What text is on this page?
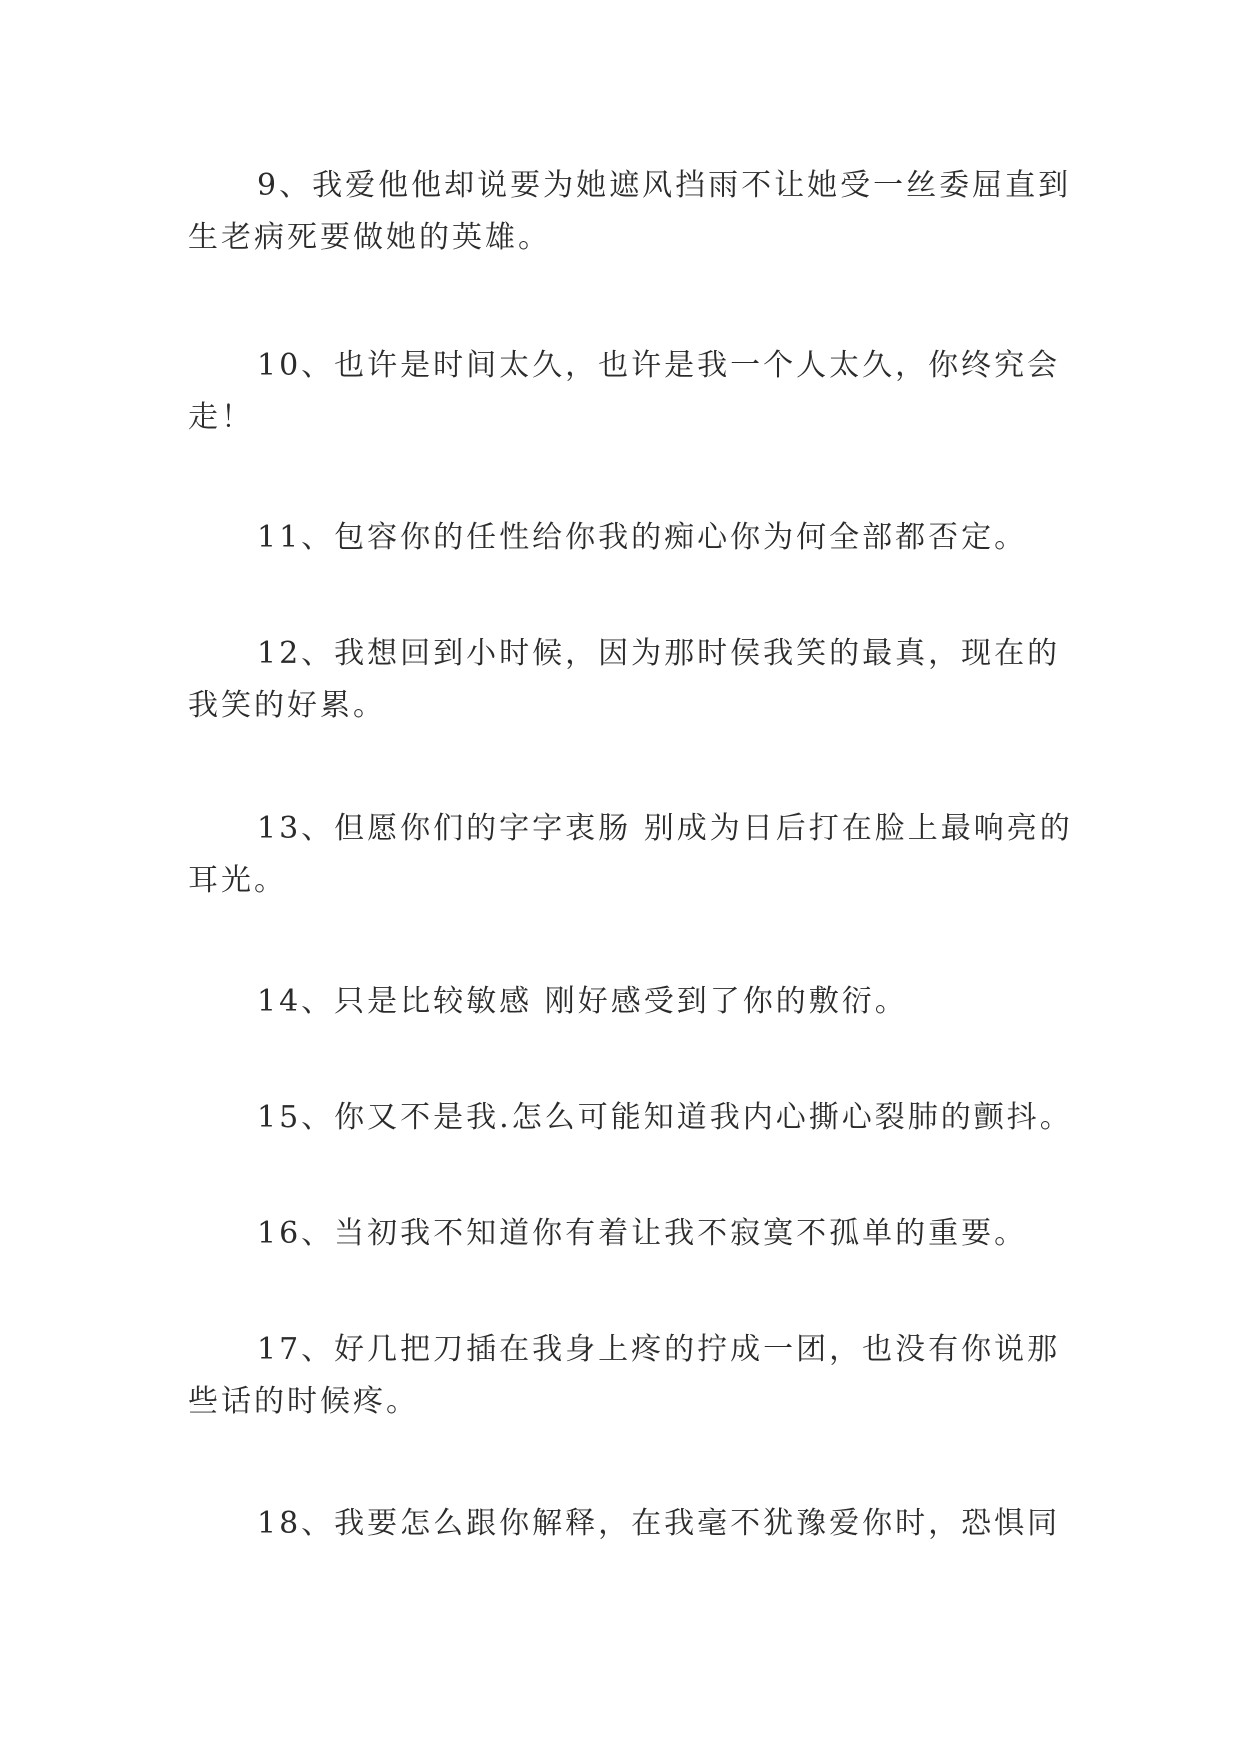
9、我爱他他却说要为她遮风挡雨不让她受一丝委屈直到生老病死要做她的英雄。

10、也许是时间太久，也许是我一个人太久，你终究会走！

11、包容你的任性给你我的痴心你为何全部都否定。

12、我想回到小时候，因为那时侯我笑的最真，现在的我笑的好累。

13、但愿你们的字字衷肠 别成为日后打在脸上最响亮的耳光。

14、只是比较敏感 刚好感受到了你的敷衍。

15、你又不是我.怎么可能知道我内心撕心裂肺的颤抖。

16、当初我不知道你有着让我不寂寞不孤单的重要。

17、好几把刀插在我身上疼的拧成一团，也没有你说那些话的时候疼。

18、我要怎么跟你解释，在我毫不犹豫爱你时，恐惧同
